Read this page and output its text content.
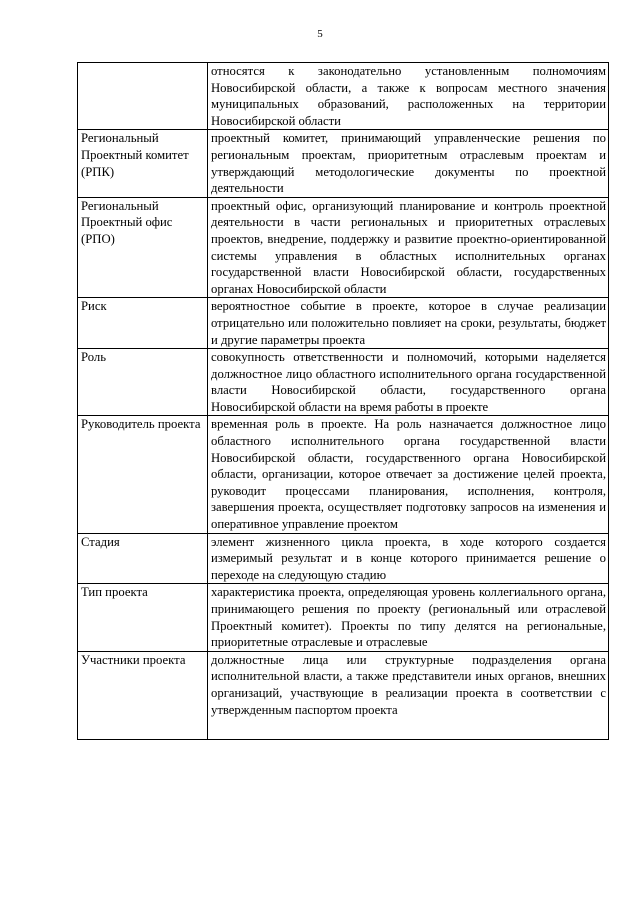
5
	относятся к законодательно установленным полномочиям Новосибирской области, а также к вопросам местного значения муниципальных образований, расположенных на территории Новосибирской области
Региональный Проектный комитет (РПК)	проектный комитет, принимающий управленческие решения по региональным проектам, приоритетным отраслевым проектам и утверждающий методологические документы по проектной деятельности
Региональный Проектный офис (РПО)	проектный офис, организующий планирование и контроль проектной деятельности в части региональных и приоритетных отраслевых проектов, внедрение, поддержку и развитие проектно-ориентированной системы управления в областных исполнительных органах государственной власти Новосибирской области, государственных органах Новосибирской области
Риск	вероятностное событие в проекте, которое в случае реализации отрицательно или положительно повлияет на сроки, результаты, бюджет и другие параметры проекта
Роль	совокупность ответственности и полномочий, которыми наделяется должностное лицо областного исполнительного органа государственной власти Новосибирской области, государственного органа Новосибирской области на время работы в проекте
Руководитель проекта	временная роль в проекте. На роль назначается должностное лицо областного исполнительного органа государственной власти Новосибирской области, государственного органа Новосибирской области, организации, которое отвечает за достижение целей проекта, руководит процессами планирования, исполнения, контроля, завершения проекта, осуществляет подготовку запросов на изменения и оперативное управление проектом
Стадия	элемент жизненного цикла проекта, в ходе которого создается измеримый результат и в конце которого принимается решение о переходе на следующую стадию
Тип проекта	характеристика проекта, определяющая уровень коллегиального органа, принимающего решения по проекту (региональный или отраслевой Проектный комитет). Проекты по типу делятся на региональные, приоритетные отраслевые и отраслевые
Участники проекта	должностные лица или структурные подразделения органа исполнительной власти, а также представители иных органов, внешних организаций, участвующие в реализации проекта в соответствии с утвержденным паспортом проекта
